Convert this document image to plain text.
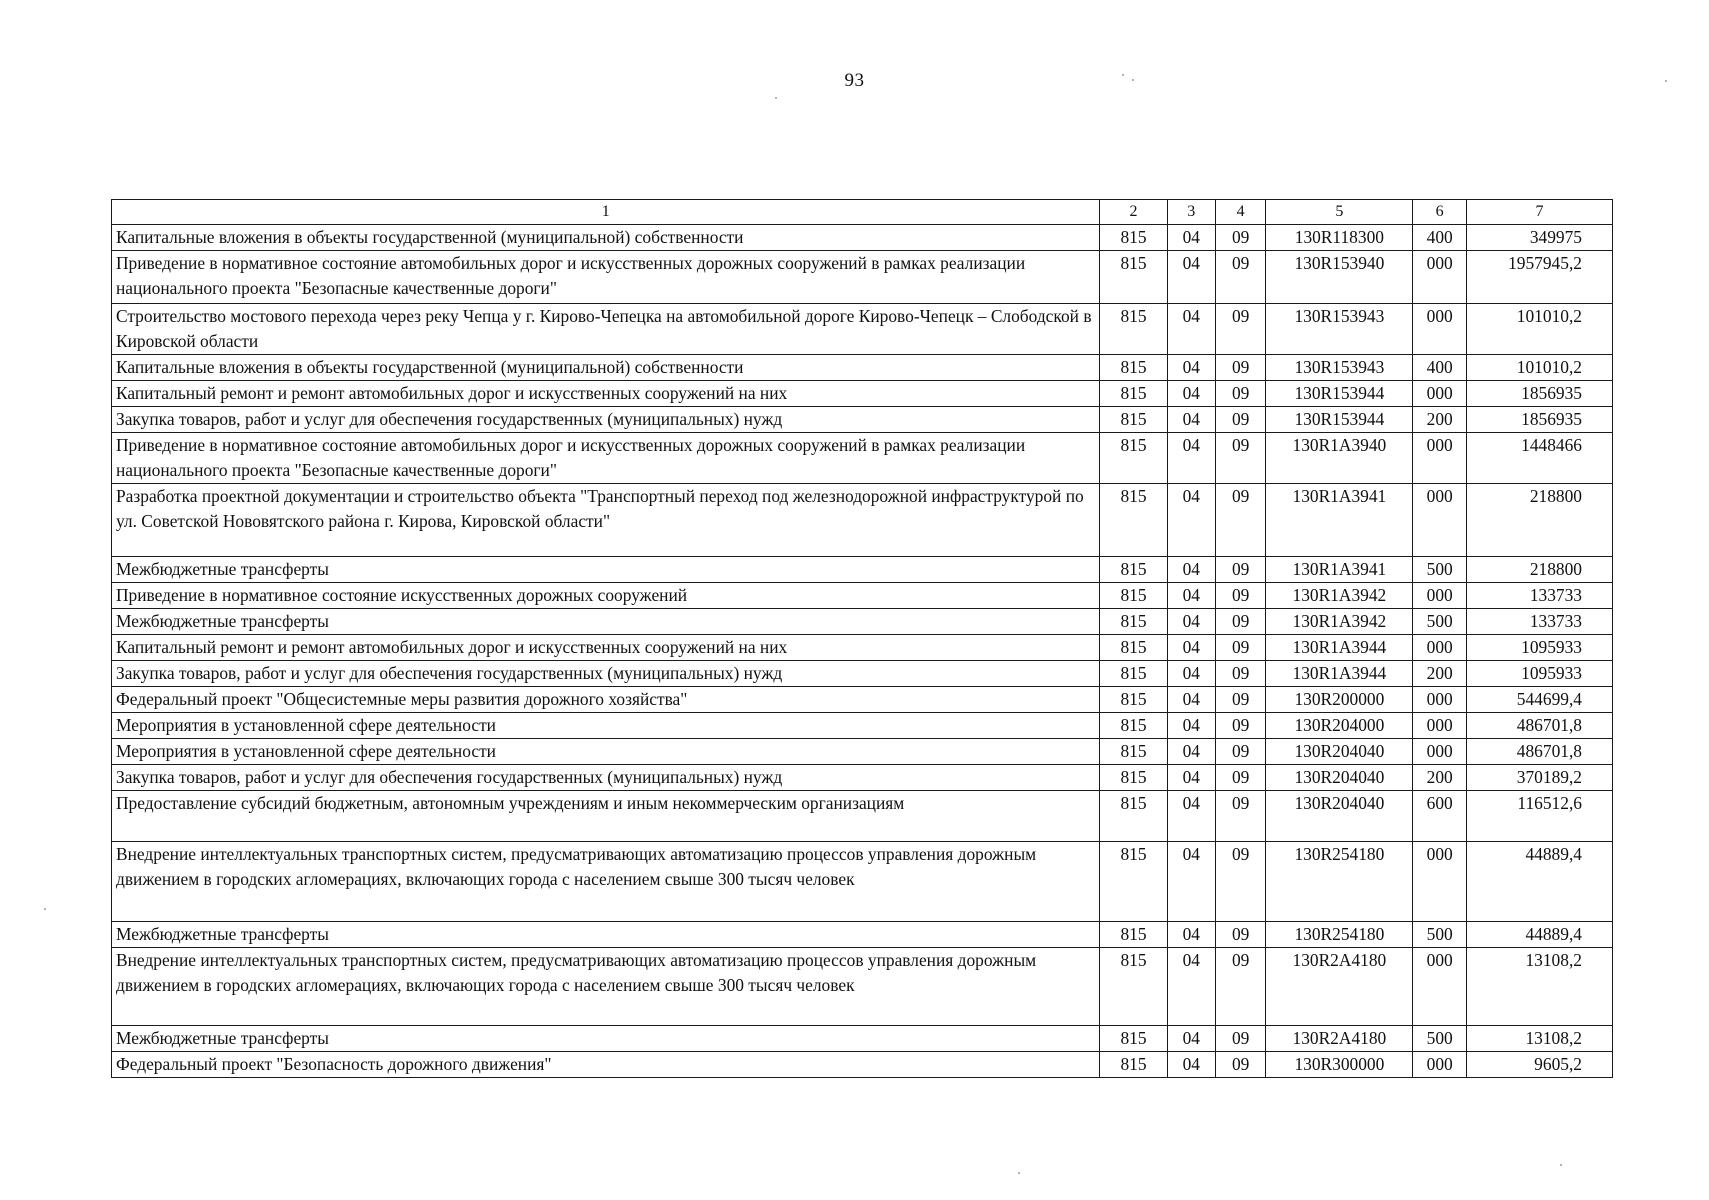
93
1	2	3	4	5	6	7
Капитальные вложения в объекты государственной (муниципальной) собственности	815	04	09	130R118300	400	349975
Приведение в нормативное состояние автомобильных дорог и искусственных дорожных сооружений в рамках реализации национального проекта "Безопасные качественные дороги"	815	04	09	130R153940	000	1957945,2
Строительство мостового перехода через реку Чепца у г. Кирово-Чепецка на автомобильной дороге Кирово-Чепецк – Слободской в Кировской области	815	04	09	130R153943	000	101010,2
Капитальные вложения в объекты государственной (муниципальной) собственности	815	04	09	130R153943	400	101010,2
Капитальный ремонт и ремонт автомобильных дорог и искусственных сооружений на них	815	04	09	130R153944	000	1856935
Закупка товаров, работ и услуг для обеспечения государственных (муниципальных) нужд	815	04	09	130R153944	200	1856935
Приведение в нормативное состояние автомобильных дорог и искусственных дорожных сооружений в рамках реализации национального проекта "Безопасные качественные дороги"	815	04	09	130R1A3940	000	1448466
Разработка проектной документации и строительство объекта "Транспортный переход под железнодорожной инфраструктурой по ул. Советской Нововятского района г. Кирова, Кировской области"	815	04	09	130R1A3941	000	218800
Межбюджетные трансферты	815	04	09	130R1A3941	500	218800
Приведение в нормативное состояние искусственных дорожных сооружений	815	04	09	130R1A3942	000	133733
Межбюджетные трансферты	815	04	09	130R1A3942	500	133733
Капитальный ремонт и ремонт автомобильных дорог и искусственных сооружений на них	815	04	09	130R1A3944	000	1095933
Закупка товаров, работ и услуг для обеспечения государственных (муниципальных) нужд	815	04	09	130R1A3944	200	1095933
Федеральный проект "Общесистемные меры развития дорожного хозяйства"	815	04	09	130R200000	000	544699,4
Мероприятия в установленной сфере деятельности	815	04	09	130R204000	000	486701,8
Мероприятия в установленной сфере деятельности	815	04	09	130R204040	000	486701,8
Закупка товаров, работ и услуг для обеспечения государственных (муниципальных) нужд	815	04	09	130R204040	200	370189,2
Предоставление субсидий бюджетным, автономным учреждениям и иным некоммерческим организациям	815	04	09	130R204040	600	116512,6
Внедрение интеллектуальных транспортных систем, предусматривающих автоматизацию процессов управления дорожным движением в городских агломерациях, включающих города с населением свыше 300 тысяч человек	815	04	09	130R254180	000	44889,4
Межбюджетные трансферты	815	04	09	130R254180	500	44889,4
Внедрение интеллектуальных транспортных систем, предусматривающих автоматизацию процессов управления дорожным движением в городских агломерациях, включающих города с населением свыше 300 тысяч человек	815	04	09	130R2A4180	000	13108,2
Межбюджетные трансферты	815	04	09	130R2A4180	500	13108,2
Федеральный проект "Безопасность дорожного движения"	815	04	09	130R300000	000	9605,2
